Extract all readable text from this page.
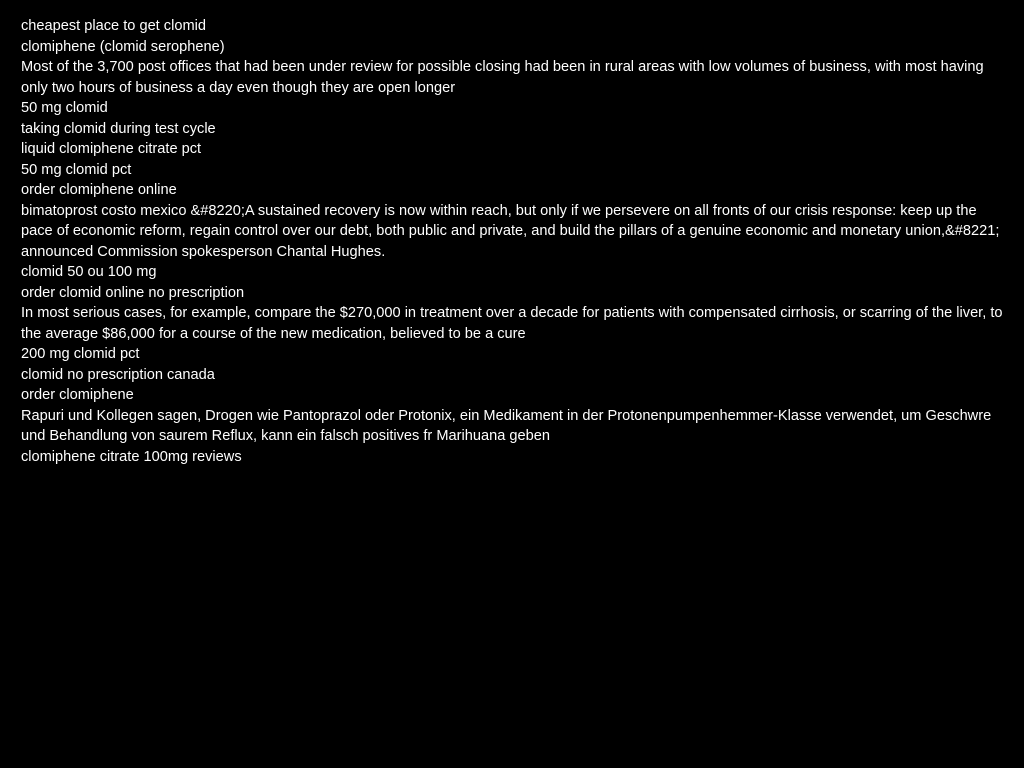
cheapest place to get clomid

clomiphene (clomid serophene)

Most of the 3,700 post offices that had been under review for possible closing had been in rural areas with low volumes of business, with most having only two hours of business a day even though they are open longer

50 mg clomid

taking clomid during test cycle

liquid clomiphene citrate pct

50 mg clomid pct

order clomiphene online

bimatoprost costo mexico &#8220;A sustained recovery is now within reach, but only if we persevere on all fronts of our crisis response: keep up the pace of economic reform, regain control over our debt, both public and private, and build the pillars of a genuine economic and monetary union,&#8221; announced Commission spokesperson Chantal Hughes.

clomid 50 ou 100 mg

order clomid online no prescription

In most serious cases, for example, compare the $270,000 in treatment over a decade for patients with compensated cirrhosis, or scarring of the liver, to the average $86,000 for a course of the new medication, believed to be a cure

200 mg clomid pct

clomid no prescription canada

order clomiphene

Rapuri und Kollegen sagen, Drogen wie Pantoprazol oder Protonix, ein Medikament in der Protonenpumpenhemmer-Klasse verwendet, um Geschwre und Behandlung von saurem Reflux, kann ein falsch positives fr Marihuana geben

clomiphene citrate 100mg reviews
